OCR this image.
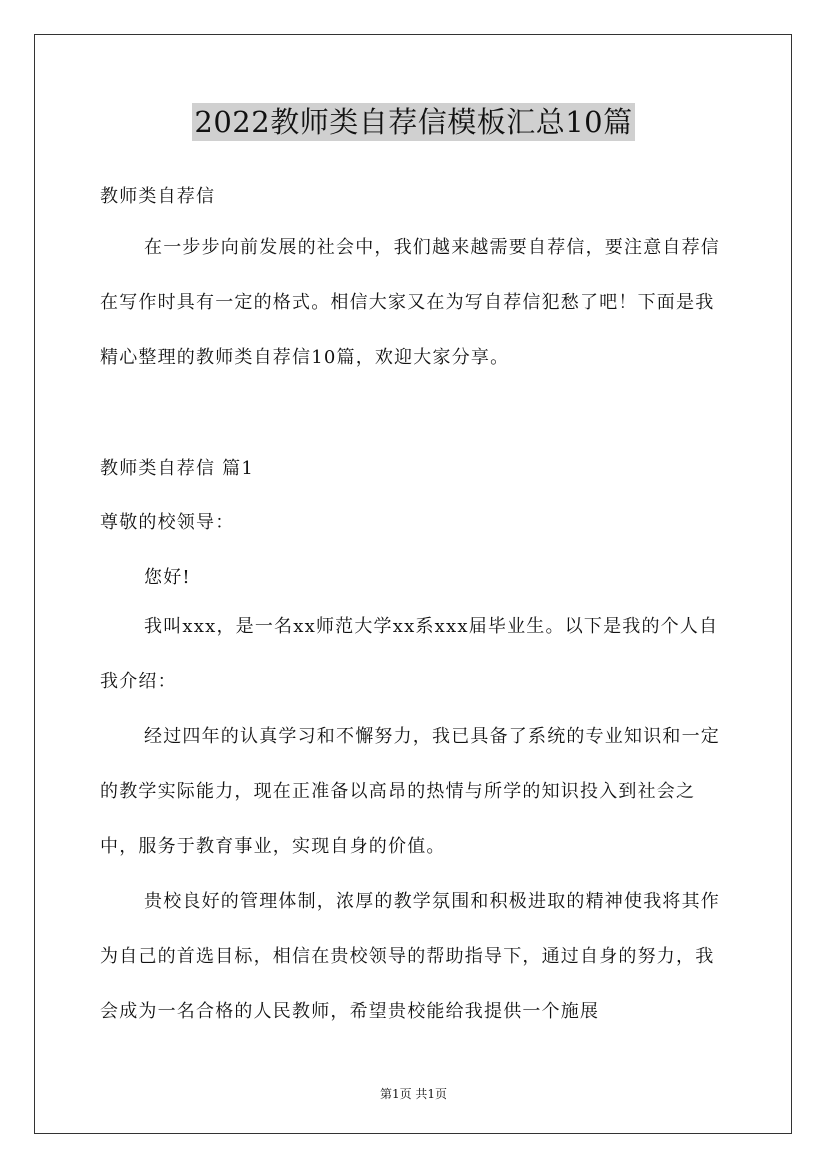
2022教师类自荐信模板汇总10篇

教师类自荐信

在一步步向前发展的社会中，我们越来越需要自荐信，要注意自荐信在写作时具有一定的格式。相信大家又在为写自荐信犯愁了吧！下面是我精心整理的教师类自荐信10篇，欢迎大家分享。

教师类自荐信 篇1

尊敬的校领导：

您好!

我叫xxx，是一名xx师范大学xx系xxx届毕业生。以下是我的个人自我介绍：

经过四年的认真学习和不懈努力，我已具备了系统的专业知识和一定的教学实际能力，现在正准备以高昂的热情与所学的知识投入到社会之中，服务于教育事业，实现自身的价值。

贵校良好的管理体制，浓厚的教学氛围和积极进取的精神使我将其作为自己的首选目标，相信在贵校领导的帮助指导下，通过自身的努力，我会成为一名合格的人民教师，希望贵校能给我提供一个施展

第1页 共1页
